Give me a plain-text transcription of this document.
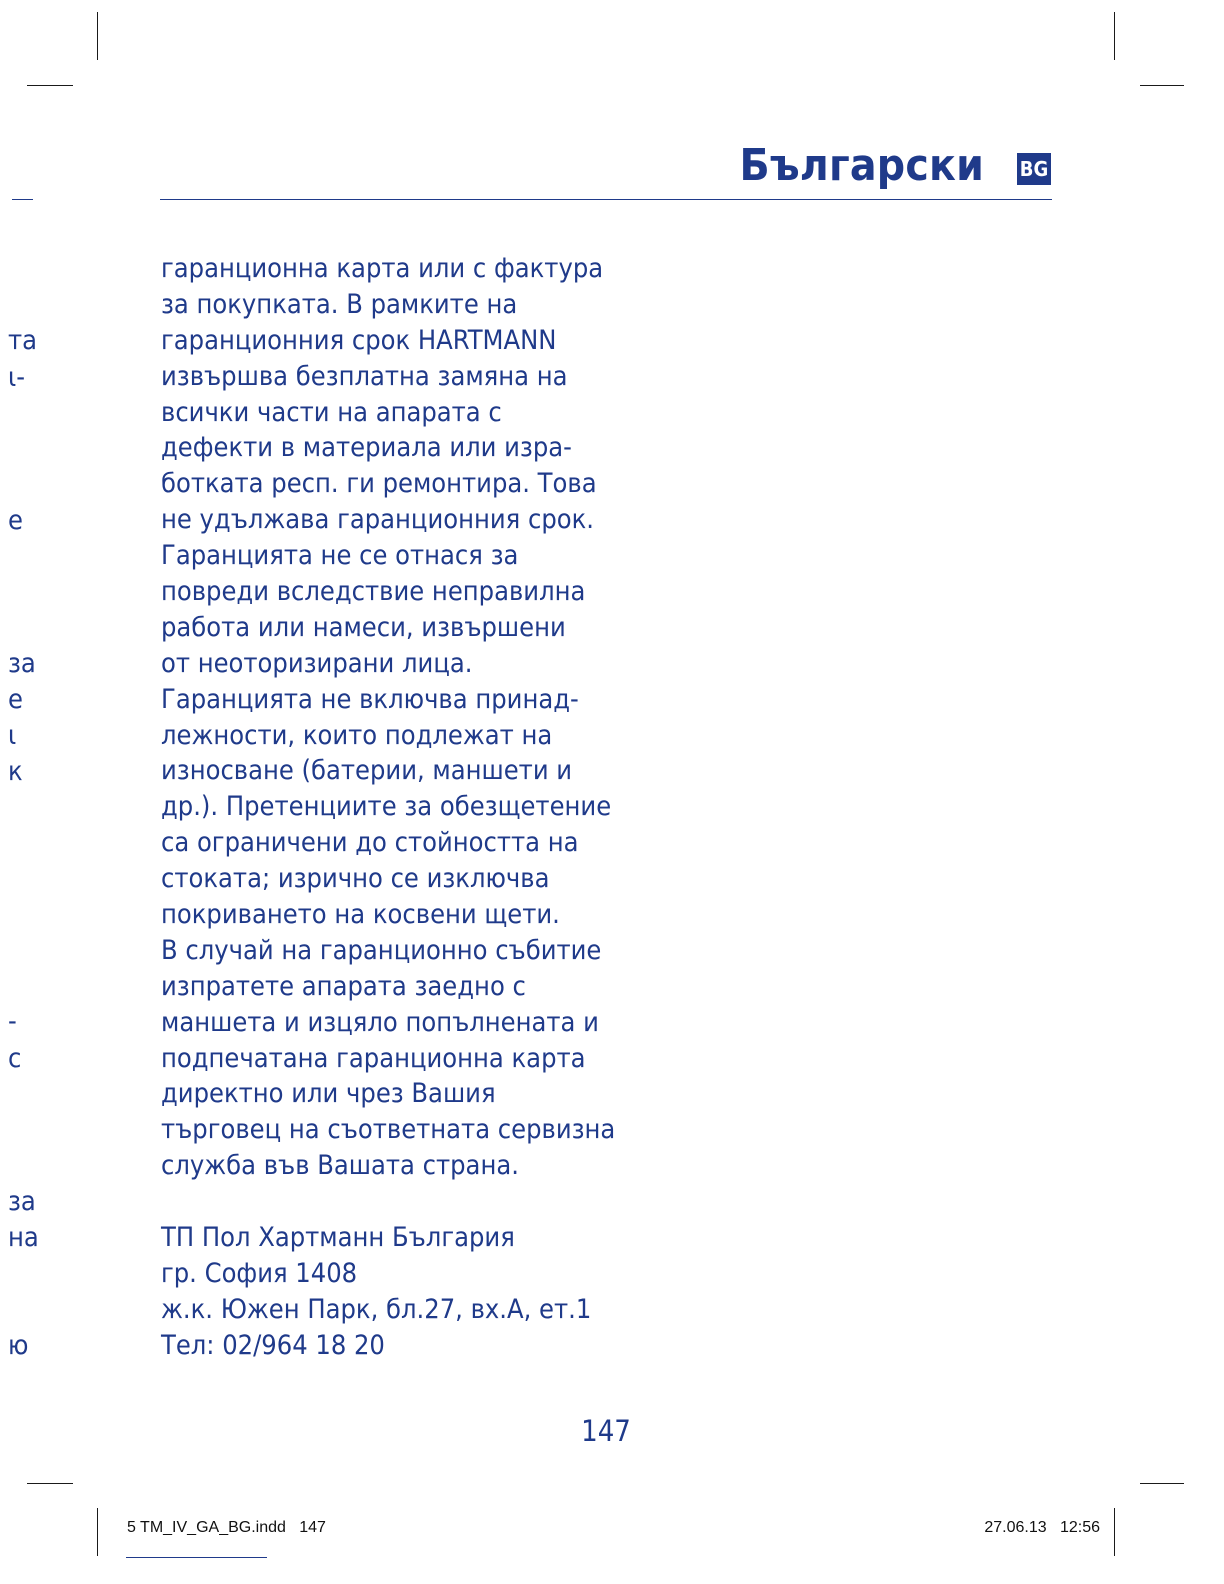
Български BG
та
ι-
e
за
e
ι
к
-
с
за
на
ю
гаранционна карта или с фактура
за покупката. В рамките на
гаранционния срок HARTMANN
извършва безплатна замяна на
всички части на апарата с
дефекти в материала или изра-
ботката респ. ги ремонтира. Това
не удължава гаранционния срок.
Гаранцията не се отнася за
повреди вследствие неправилна
работа или намеси, извършени
от неоторизирани лица.
Гаранцията не включва принад-
лежности, които подлежат на
износване (батерии, маншети и
др.). Претенциите за обезщетение
са ограничени до стойността на
стоката; изрично се изключва
покриването на косвени щети.
В случай на гаранционно събитие
изпратете апарата заедно с
маншета и изцяло попълнената и
подпечатана гаранционна карта
директно или чрез Вашия
търговец на съответната сервизна
служба във Вашата страна.
ТП Пол Хартманн България
гр. София 1408
ж.к. Южен Парк, бл.27, вх.А, ет.1
Тел: 02/964 18 20
147
5 TM_IV_GA_BG.indd   147	27.06.13   12:56
